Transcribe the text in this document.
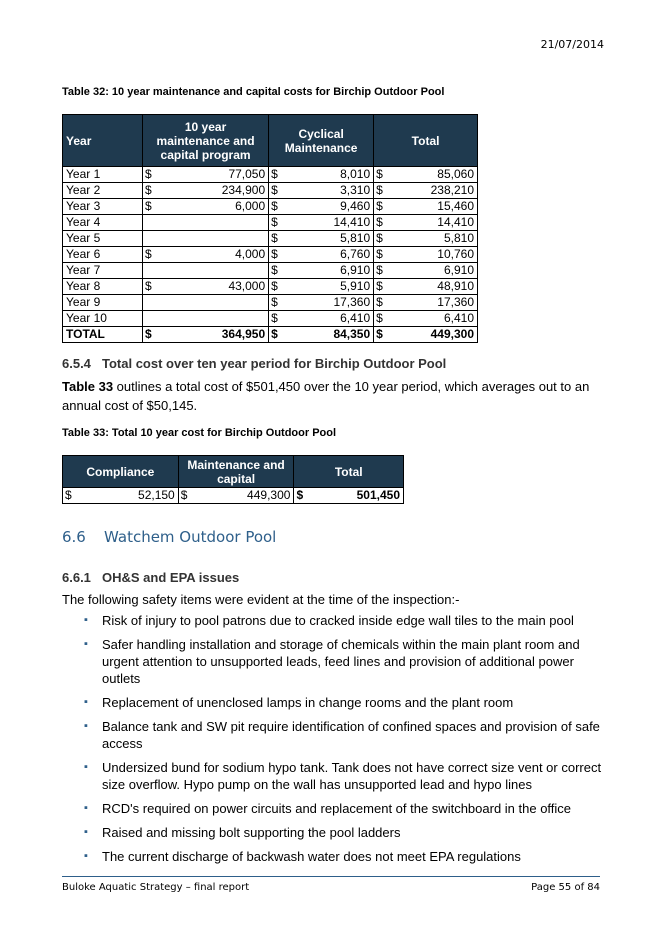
21/07/2014
Table 32: 10 year maintenance and capital costs for Birchip Outdoor Pool
Year	10 year maintenance and capital program		Cyclical Maintenance		Total	
Year 1	$	77,050	$	8,010	$	85,060
Year 2	$	234,900	$	3,310	$	238,210
Year 3	$	6,000	$	9,460	$	15,460
Year 4			$	14,410	$	14,410
Year 5			$	5,810	$	5,810
Year 6	$	4,000	$	6,760	$	10,760
Year 7			$	6,910	$	6,910
Year 8	$	43,000	$	5,910	$	48,910
Year 9			$	17,360	$	17,360
Year 10			$	6,410	$	6,410
TOTAL	$	364,950	$	84,350	$	449,300
6.5.4 Total cost over ten year period for Birchip Outdoor Pool
Table 33 outlines a total cost of $501,450 over the 10 year period, which averages out to an annual cost of $50,145.
Table 33: Total 10 year cost for Birchip Outdoor Pool
Compliance		Maintenance and capital		Total	
$	52,150	$	449,300	$	501,450
6.6 Watchem Outdoor Pool
6.6.1 OH&S and EPA issues
The following safety items were evident at the time of the inspection:-
▪ Risk of injury to pool patrons due to cracked inside edge wall tiles to the main pool
▪ Safer handling installation and storage of chemicals within the main plant room and urgent attention to unsupported leads, feed lines and provision of additional power outlets
▪ Replacement of unenclosed lamps in change rooms and the plant room
▪ Balance tank and SW pit require identification of confined spaces and provision of safe access
▪ Undersized bund for sodium hypo tank. Tank does not have correct size vent or correct size overflow. Hypo pump on the wall has unsupported lead and hypo lines
▪ RCD's required on power circuits and replacement of the switchboard in the office
▪ Raised and missing bolt supporting the pool ladders
▪ The current discharge of backwash water does not meet EPA regulations
Buloke Aquatic Strategy – final report	Page 55 of 84
